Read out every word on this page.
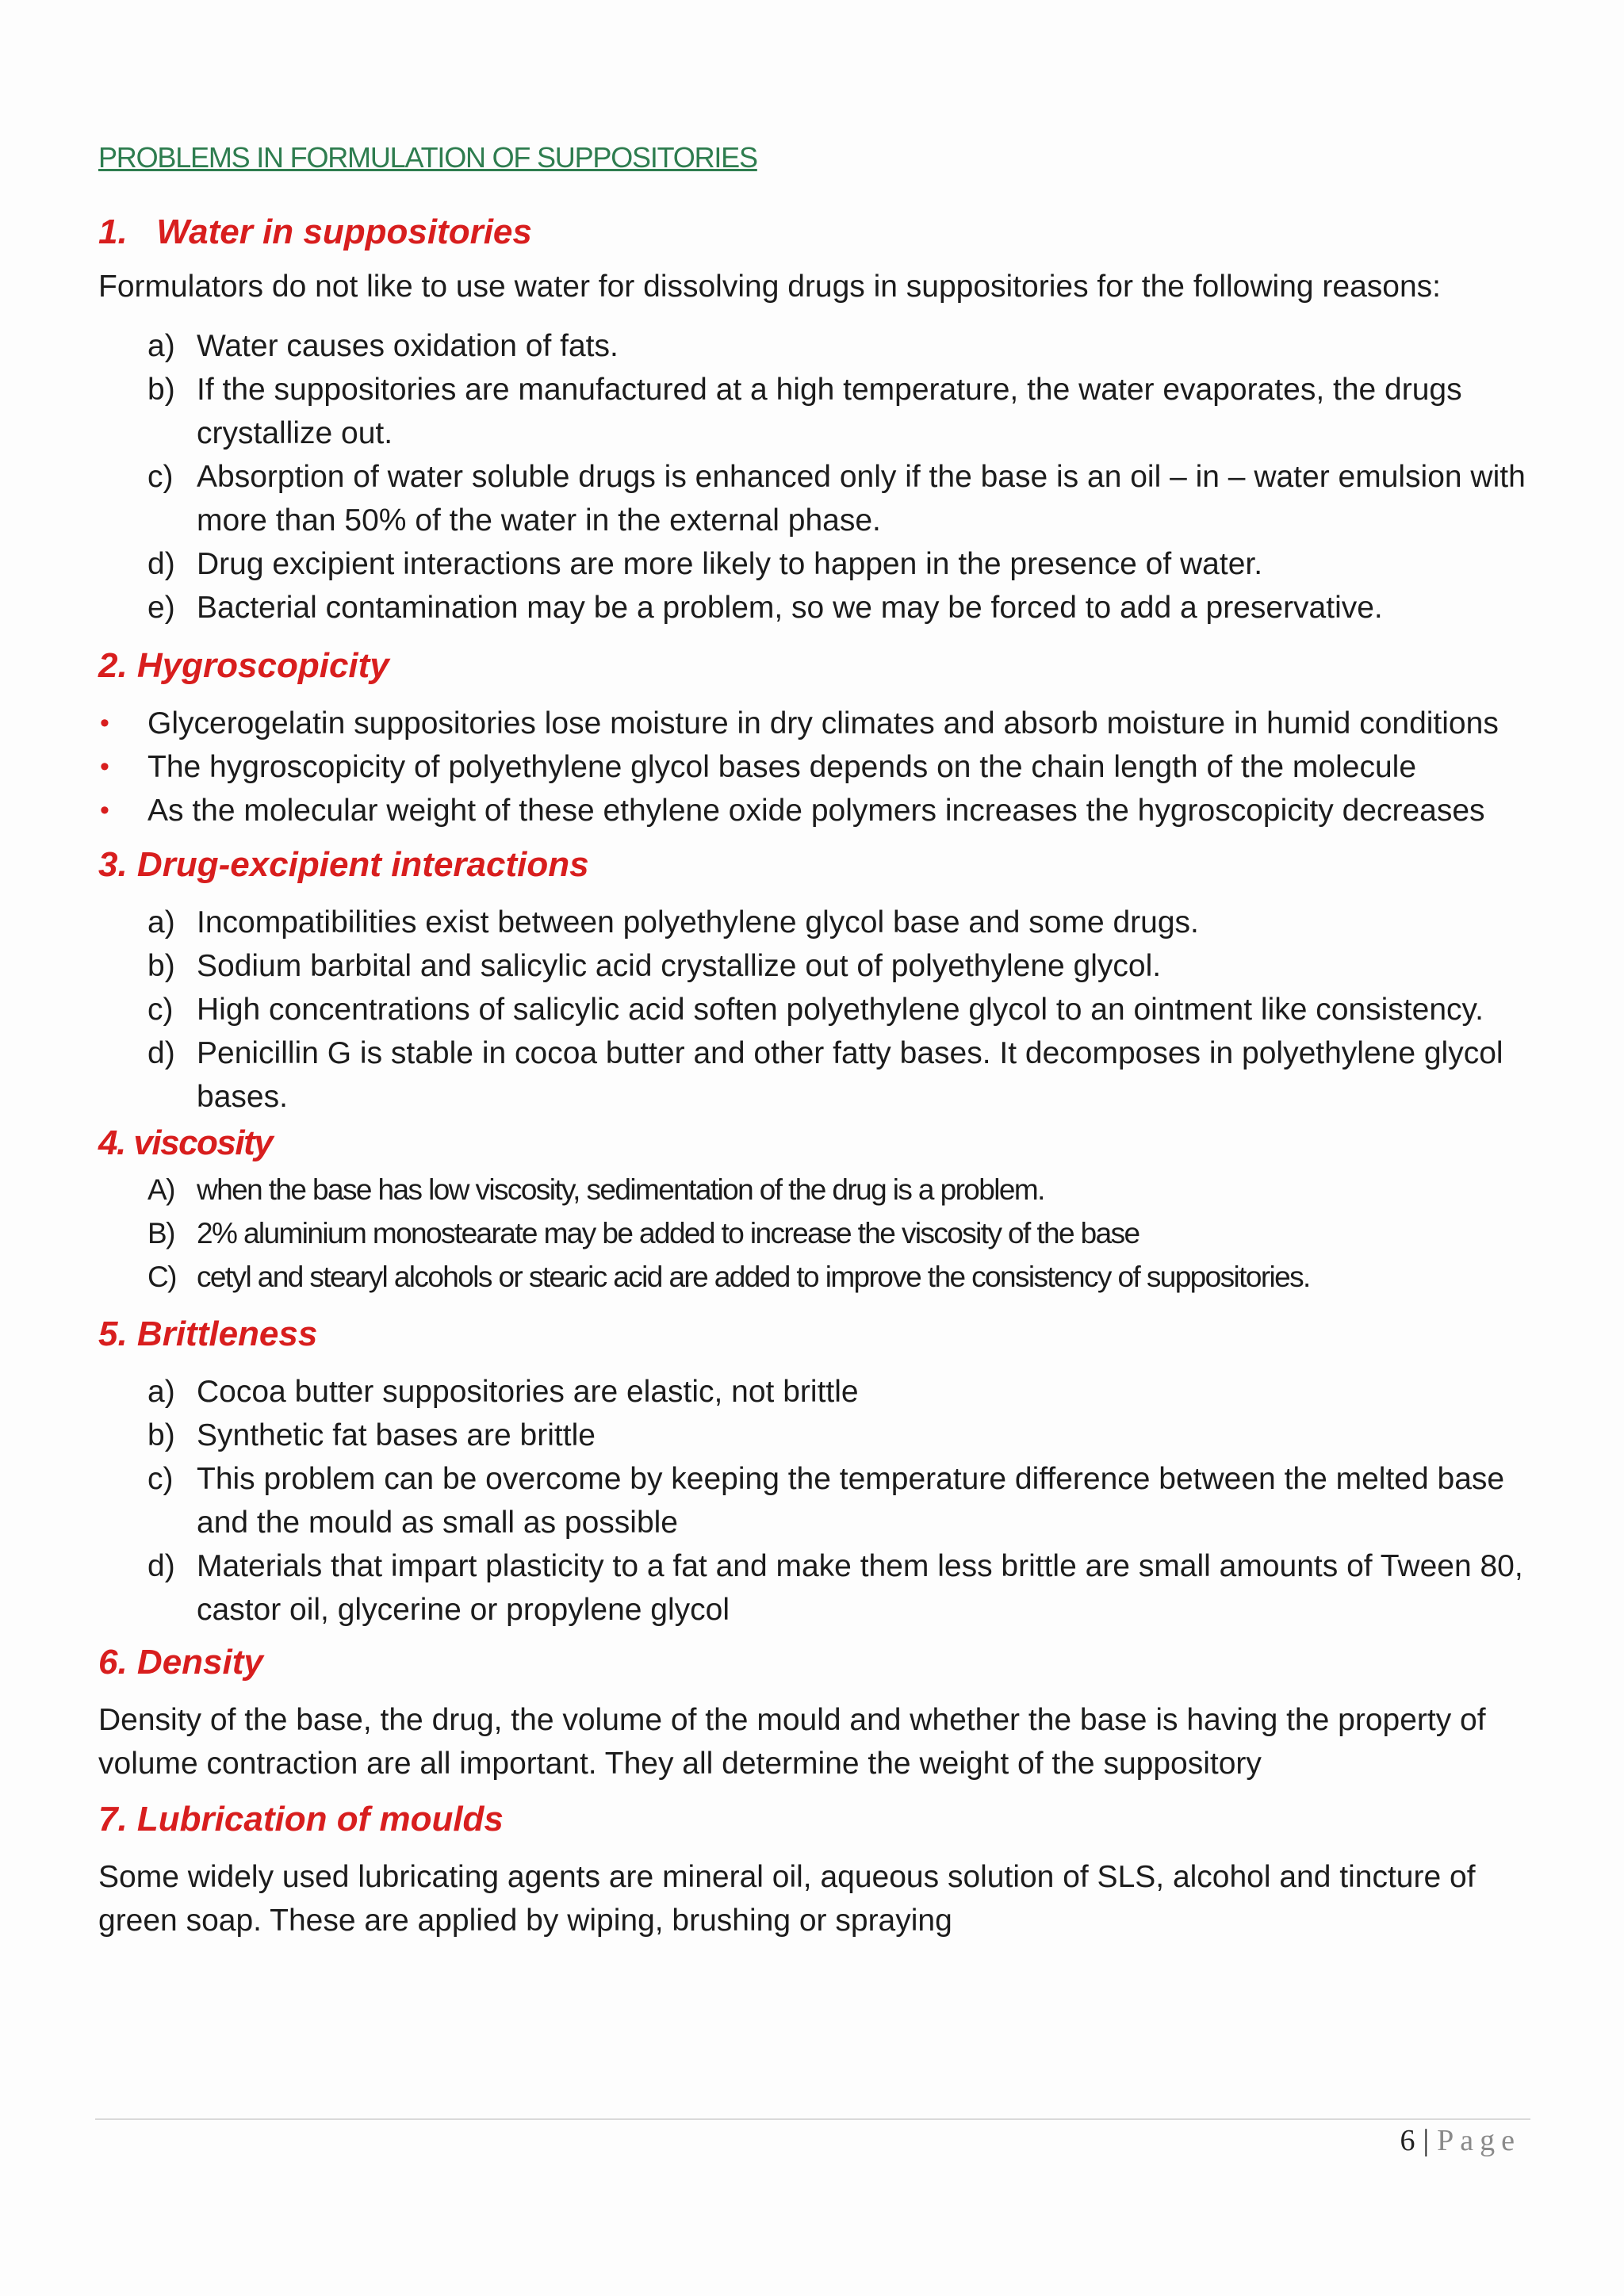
PROBLEMS IN FORMULATION OF SUPPOSITORIES
1.   Water in suppositories

Formulators do not like to use water for dissolving drugs in suppositories for the following reasons:

a) Water causes oxidation of fats.
b) If the suppositories are manufactured at a high temperature, the water evaporates, the drugs crystallize out.
c) Absorption of water soluble drugs is enhanced only if the base is an oil – in – water emulsion with more than 50% of the water in the external phase.
d) Drug excipient interactions are more likely to happen in the presence of water.
e) Bacterial contamination may be a problem, so we may be forced to add a preservative.
2. Hygroscopicity
• Glycerogelatin suppositories lose moisture in dry climates and absorb moisture in humid conditions
• The hygroscopicity of polyethylene glycol bases depends on the chain length of the molecule
• As the molecular weight of these ethylene oxide polymers increases the hygroscopicity decreases
3. Drug-excipient interactions
a) Incompatibilities exist between polyethylene glycol base and some drugs.
b) Sodium barbital and salicylic acid crystallize out of polyethylene glycol.
c) High concentrations of salicylic acid soften polyethylene glycol to an ointment like consistency.
d) Penicillin G is stable in cocoa butter and other fatty bases. It decomposes in polyethylene glycol bases.
4. viscosity
A) when the base has low viscosity, sedimentation of the drug is a problem.
B) 2% aluminium monostearate may be added to increase the viscosity of the base
C) cetyl and stearyl alcohols or stearic acid are added to improve the consistency of suppositories.
5. Brittleness
a) Cocoa butter suppositories are elastic, not brittle
b) Synthetic fat bases are brittle
c) This problem can be overcome by keeping the temperature difference between the melted base and the mould as small as possible
d) Materials that impart plasticity to a fat and make them less brittle are small amounts of Tween 80, castor oil, glycerine or propylene glycol
6. Density

Density of the base, the drug, the volume of the mould and whether the base is having the property of volume contraction are all important. They all determine the weight of the suppository

7. Lubrication of moulds

Some widely used lubricating agents are mineral oil, aqueous solution of SLS, alcohol and tincture of green soap. These are applied by wiping, brushing or spraying

6 | Page
